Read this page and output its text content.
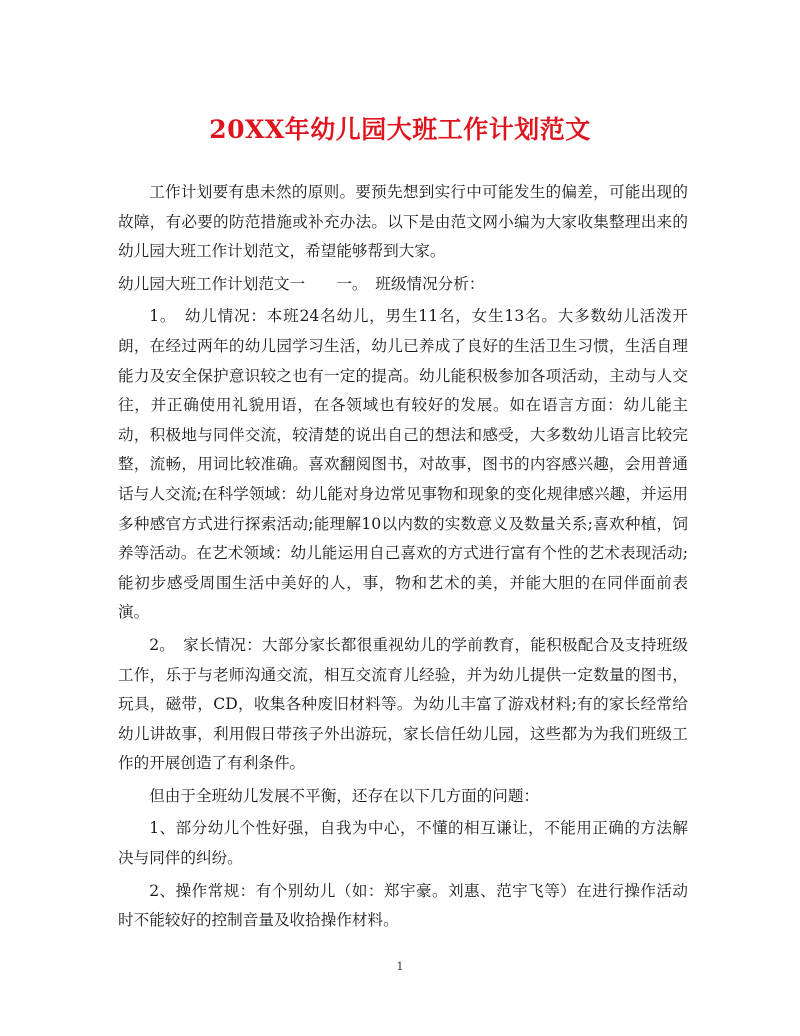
20XX年幼儿园大班工作计划范文

工作计划要有患未然的原则。要预先想到实行中可能发生的偏差，可能出现的故障，有必要的防范措施或补充办法。以下是由范文网小编为大家收集整理出来的幼儿园大班工作计划范文，希望能够帮到大家。

幼儿园大班工作计划范文一　　一。　班级情况分析：

1。　幼儿情况：本班24名幼儿，男生11名，女生13名。大多数幼儿活泼开朗，在经过两年的幼儿园学习生活，幼儿已养成了良好的生活卫生习惯，生活自理能力及安全保护意识较之也有一定的提高。幼儿能积极参加各项活动，主动与人交往，并正确使用礼貌用语，在各领域也有较好的发展。如在语言方面：幼儿能主动，积极地与同伴交流，较清楚的说出自己的想法和感受，大多数幼儿语言比较完整，流畅，用词比较准确。喜欢翻阅图书，对故事，图书的内容感兴趣，会用普通话与人交流;在科学领域：幼儿能对身边常见事物和现象的变化规律感兴趣，并运用多种感官方式进行探索活动;能理解10以内数的实数意义及数量关系;喜欢种植，饲养等活动。在艺术领域：幼儿能运用自己喜欢的方式进行富有个性的艺术表现活动;能初步感受周围生活中美好的人，事，物和艺术的美，并能大胆的在同伴面前表演。

2。　家长情况：大部分家长都很重视幼儿的学前教育，能积极配合及支持班级工作，乐于与老师沟通交流，相互交流育儿经验，并为幼儿提供一定数量的图书，玩具，磁带，CD，收集各种废旧材料等。为幼儿丰富了游戏材料;有的家长经常给幼儿讲故事，利用假日带孩子外出游玩，家长信任幼儿园，这些都为为我们班级工作的开展创造了有利条件。

但由于全班幼儿发展不平衡，还存在以下几方面的问题：

1、部分幼儿个性好强，自我为中心，不懂的相互谦让，不能用正确的方法解决与同伴的纠纷。

2、操作常规：有个别幼儿（如：郑宇豪。刘惠、范宇飞等）在进行操作活动时不能较好的控制音量及收拾操作材料。

1
